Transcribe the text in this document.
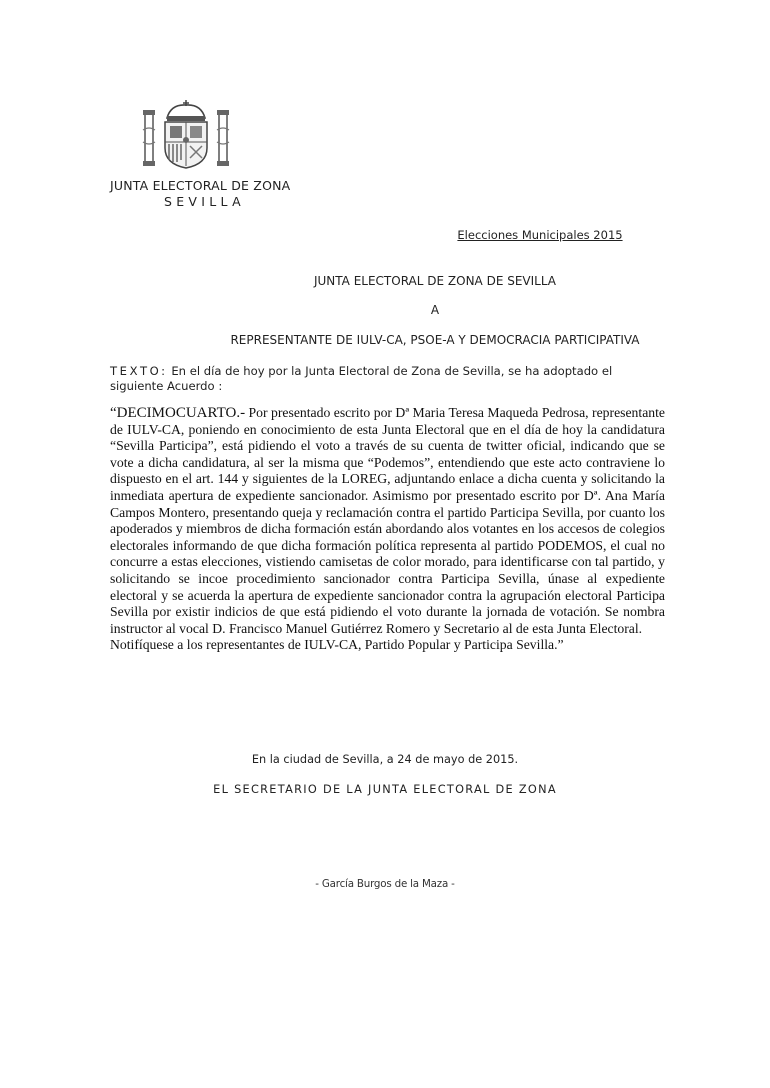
JUNTA ELECTORAL DE ZONA
SEVILLA
Elecciones Municipales 2015
JUNTA ELECTORAL DE ZONA DE SEVILLA
A
REPRESENTANTE DE IULV-CA, PSOE-A Y DEMOCRACIA PARTICIPATIVA
TEXTO: En el día de hoy por la Junta Electoral de Zona de Sevilla, se ha adoptado el siguiente Acuerdo :

“DECIMOCUARTO.- Por presentado escrito por Dª Maria Teresa Maqueda Pedrosa, representante de IULV-CA, poniendo en conocimiento de esta Junta Electoral que en el día de hoy la candidatura “Sevilla Participa”, está pidiendo el voto a través de su cuenta de twitter oficial, indicando que se vote a dicha candidatura, al ser la misma que “Podemos”, entendiendo que este acto contraviene lo dispuesto en el art. 144 y siguientes de la LOREG, adjuntando enlace a dicha cuenta y solicitando la inmediata apertura de expediente sancionador. Asimismo por presentado escrito por Dª. Ana María Campos Montero, presentando queja y reclamación contra el partido Participa Sevilla, por cuanto los apoderados y miembros de dicha formación están abordando alos votantes en los accesos de colegios electorales informando de que dicha formación política representa al partido PODEMOS, el cual no concurre a estas elecciones, vistiendo camisetas de color morado, para identificarse con tal partido, y solicitando se incoe procedimiento sancionador contra Participa Sevilla, únase al expediente electoral y se acuerda la apertura de expediente sancionador contra la agrupación electoral Participa Sevilla por existir indicios de que está pidiendo el voto durante la jornada de votación. Se nombra instructor al vocal D. Francisco Manuel Gutiérrez Romero y Secretario al de esta Junta Electoral.

Notifíquese a los representantes de IULV-CA, Partido Popular y Participa Sevilla.”

En la ciudad de Sevilla, a 24 de mayo de 2015.
EL SECRETARIO DE LA JUNTA ELECTORAL DE ZONA
- García Burgos de la Maza -
